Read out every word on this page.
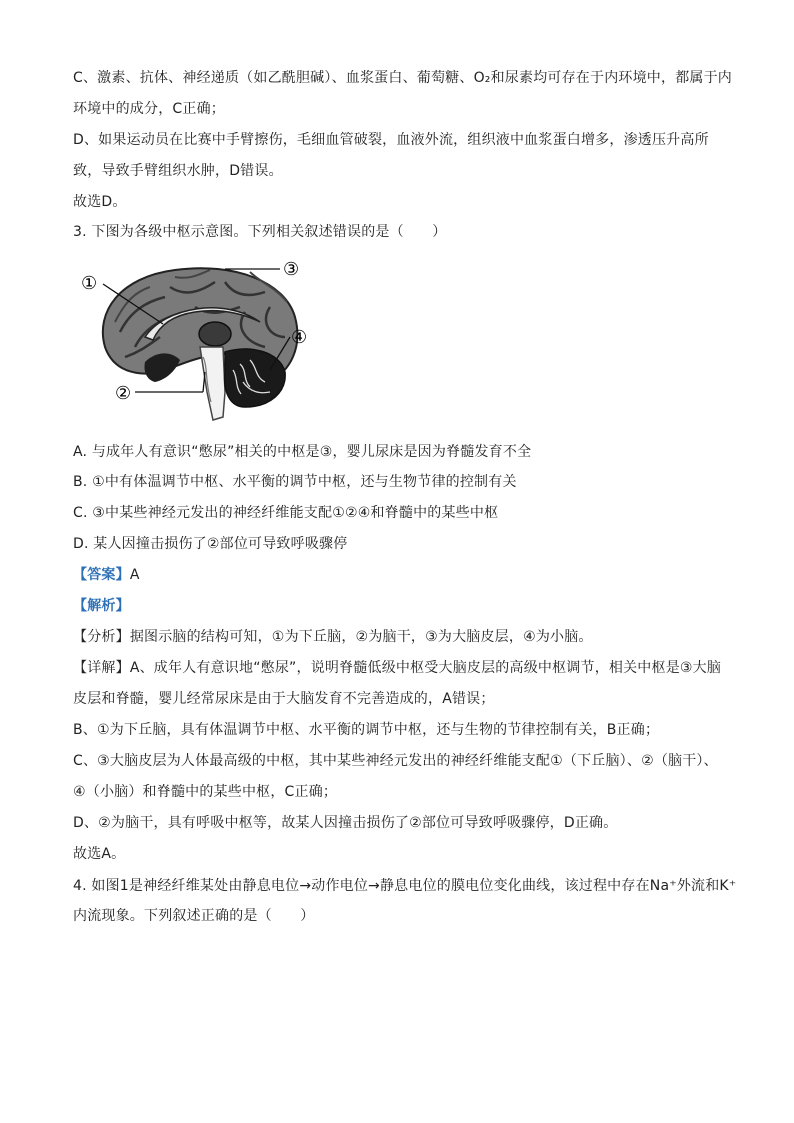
C、激素、抗体、神经递质（如乙酰胆碱）、血浆蛋白、葡萄糖、O₂和尿素均可存在于内环境中，都属于内
环境中的成分，C正确；
D、如果运动员在比赛中手臂擦伤，毛细血管破裂，血液外流，组织液中血浆蛋白增多，渗透压升高所
致，导致手臂组织水肿，D错误。
故选D。
3. 下图为各级中枢示意图。下列相关叙述错误的是（　　）
①
③
④
②
A. 与成年人有意识“憋尿”相关的中枢是③，婴儿尿床是因为脊髓发育不全
B. ①中有体温调节中枢、水平衡的调节中枢，还与生物节律的控制有关
C. ③中某些神经元发出的神经纤维能支配①②④和脊髓中的某些中枢
D. 某人因撞击损伤了②部位可导致呼吸骤停
【答案】A
【解析】
【分析】据图示脑的结构可知，①为下丘脑，②为脑干，③为大脑皮层，④为小脑。
【详解】A、成年人有意识地“憋尿”，说明脊髓低级中枢受大脑皮层的高级中枢调节，相关中枢是③大脑
皮层和脊髓，婴儿经常尿床是由于大脑发育不完善造成的，A错误；
B、①为下丘脑，具有体温调节中枢、水平衡的调节中枢，还与生物的节律控制有关，B正确；
C、③大脑皮层为人体最高级的中枢，其中某些神经元发出的神经纤维能支配①（下丘脑）、②（脑干）、
④（小脑）和脊髓中的某些中枢，C正确；
D、②为脑干，具有呼吸中枢等，故某人因撞击损伤了②部位可导致呼吸骤停，D正确。
故选A。
4. 如图1是神经纤维某处由静息电位→动作电位→静息电位的膜电位变化曲线，该过程中存在Na⁺外流和K⁺
内流现象。下列叙述正确的是（　　）
